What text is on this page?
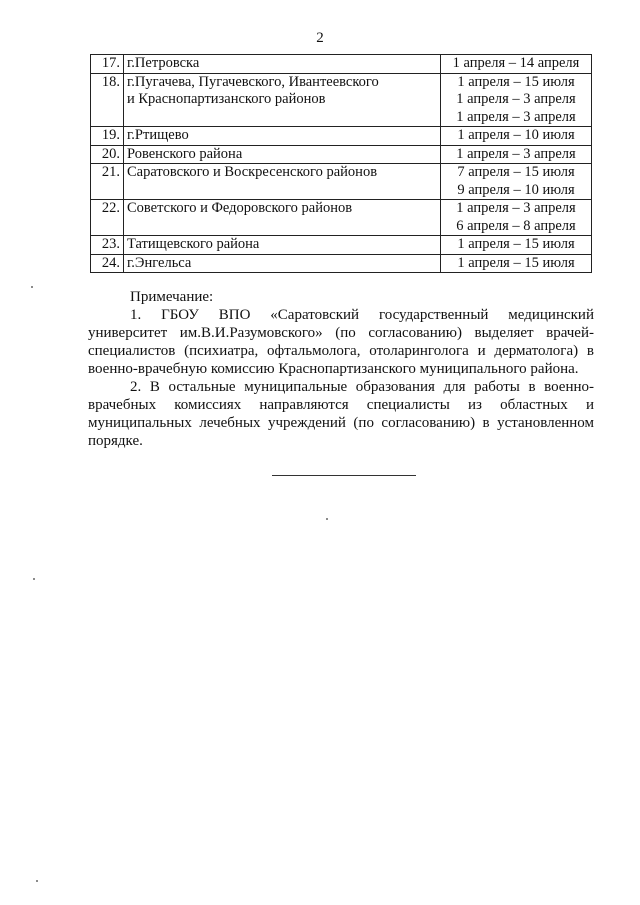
2
17.	г.Петровска	1 апреля – 14 апреля

18.	г.Пугачева, Пугачевского, Ивантеевского
и Краснопартизанского районов	1 апреля – 15 июля
1 апреля – 3 апреля
1 апреля – 3 апреля

19.	г.Ртищево	1 апреля – 10 июля

20.	Ровенского района	1 апреля – 3 апреля

21.	Саратовского и Воскресенского районов	7 апреля – 15 июля
9 апреля – 10 июля

22.	Советского и Федоровского районов	1 апреля – 3 апреля
6 апреля – 8 апреля

23.	Татищевского района	1 апреля – 15 июля

24.	г.Энгельса	1 апреля – 15 июля

Примечание:

1. ГБОУ ВПО «Саратовский государственный медицинский университет им.В.И.Разумовского» (по согласованию) выделяет врачей-специалистов (психиатра, офтальмолога, отоларинголога и дерматолога) в военно-врачебную комиссию Краснопартизанского муниципального района.

2. В остальные муниципальные образования для работы в военно-врачебных комиссиях направляются специалисты из областных и муниципальных лечебных учреждений (по согласованию) в установленном порядке.
